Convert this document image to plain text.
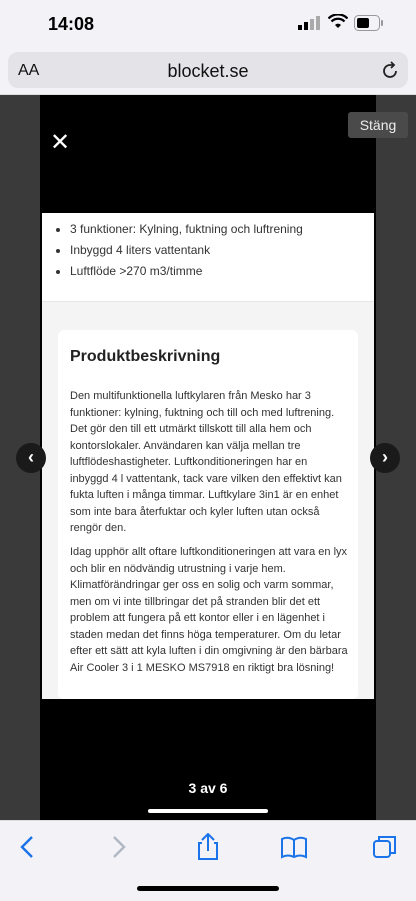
14:08
AA	blocket.se
✕
Stäng
• 3 funktioner: Kylning, fuktning och luftrening
• Inbyggd 4 liters vattentank
• Luftflöde >270 m3/timme
Produktbeskrivning
Den multifunktionella luftkylaren från Mesko har 3 funktioner: kylning, fuktning och till och med luftrening. Det gör den till ett utmärkt tillskott till alla hem och kontorslokaler. Användaren kan välja mellan tre luftflödeshastigheter. Luftkonditioneringen har en inbyggd 4 l vattentank, tack vare vilken den effektivt kan fukta luften i många timmar. Luftkylare 3in1 är en enhet som inte bara återfuktar och kyler luften utan också rengör den.
Idag upphör allt oftare luftkonditioneringen att vara en lyx och blir en nödvändig utrustning i varje hem. Klimatförändringar ger oss en solig och varm sommar, men om vi inte tillbringar det på stranden blir det ett problem att fungera på ett kontor eller i en lägenhet i staden medan det finns höga temperaturer. Om du letar efter ett sätt att kyla luften i din omgivning är den bärbara Air Cooler 3 i 1 MESKO MS7918 en riktigt bra lösning!
‹	›
3 av 6
